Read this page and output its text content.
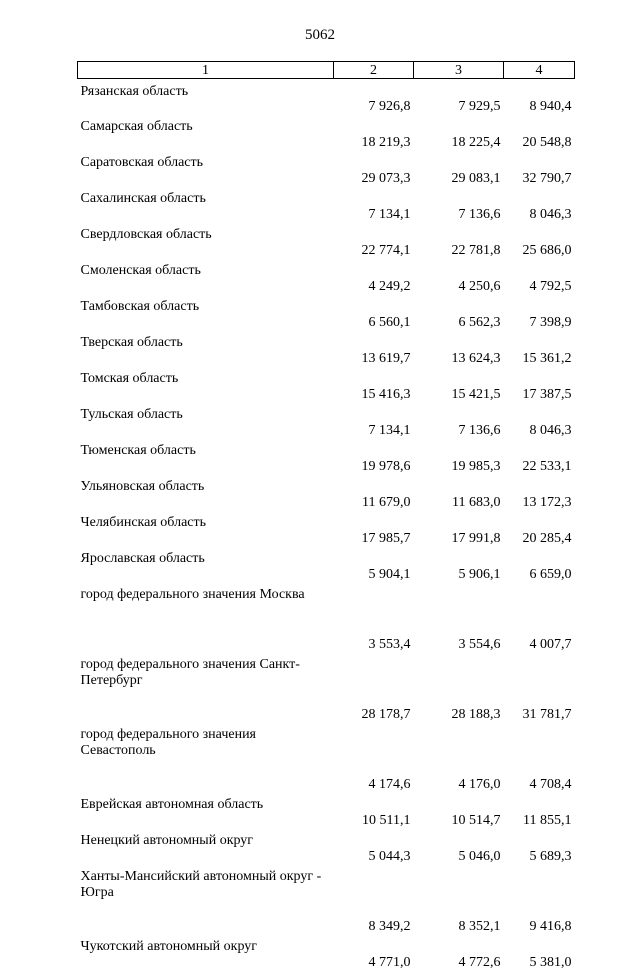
5062
1	2	3	4
Рязанская область	7 926,8	7 929,5	8 940,4
Самарская область	18 219,3	18 225,4	20 548,8
Саратовская область	29 073,3	29 083,1	32 790,7
Сахалинская область	7 134,1	7 136,6	8 046,3
Свердловская область	22 774,1	22 781,8	25 686,0
Смоленская область	4 249,2	4 250,6	4 792,5
Тамбовская область	6 560,1	6 562,3	7 398,9
Тверская область	13 619,7	13 624,3	15 361,2
Томская область	15 416,3	15 421,5	17 387,5
Тульская область	7 134,1	7 136,6	8 046,3
Тюменская область	19 978,6	19 985,3	22 533,1
Ульяновская область	11 679,0	11 683,0	13 172,3
Челябинская область	17 985,7	17 991,8	20 285,4
Ярославская область	5 904,1	5 906,1	6 659,0
город федерального значения Москва	3 553,4	3 554,6	4 007,7
город федерального значения Санкт-Петербург	28 178,7	28 188,3	31 781,7
город федерального значения Севастополь	4 174,6	4 176,0	4 708,4
Еврейская автономная область	10 511,1	10 514,7	11 855,1
Ненецкий автономный округ	5 044,3	5 046,0	5 689,3
Ханты-Мансийский автономный округ - Югра	8 349,2	8 352,1	9 416,8
Чукотский автономный округ	4 771,0	4 772,6	5 381,0
